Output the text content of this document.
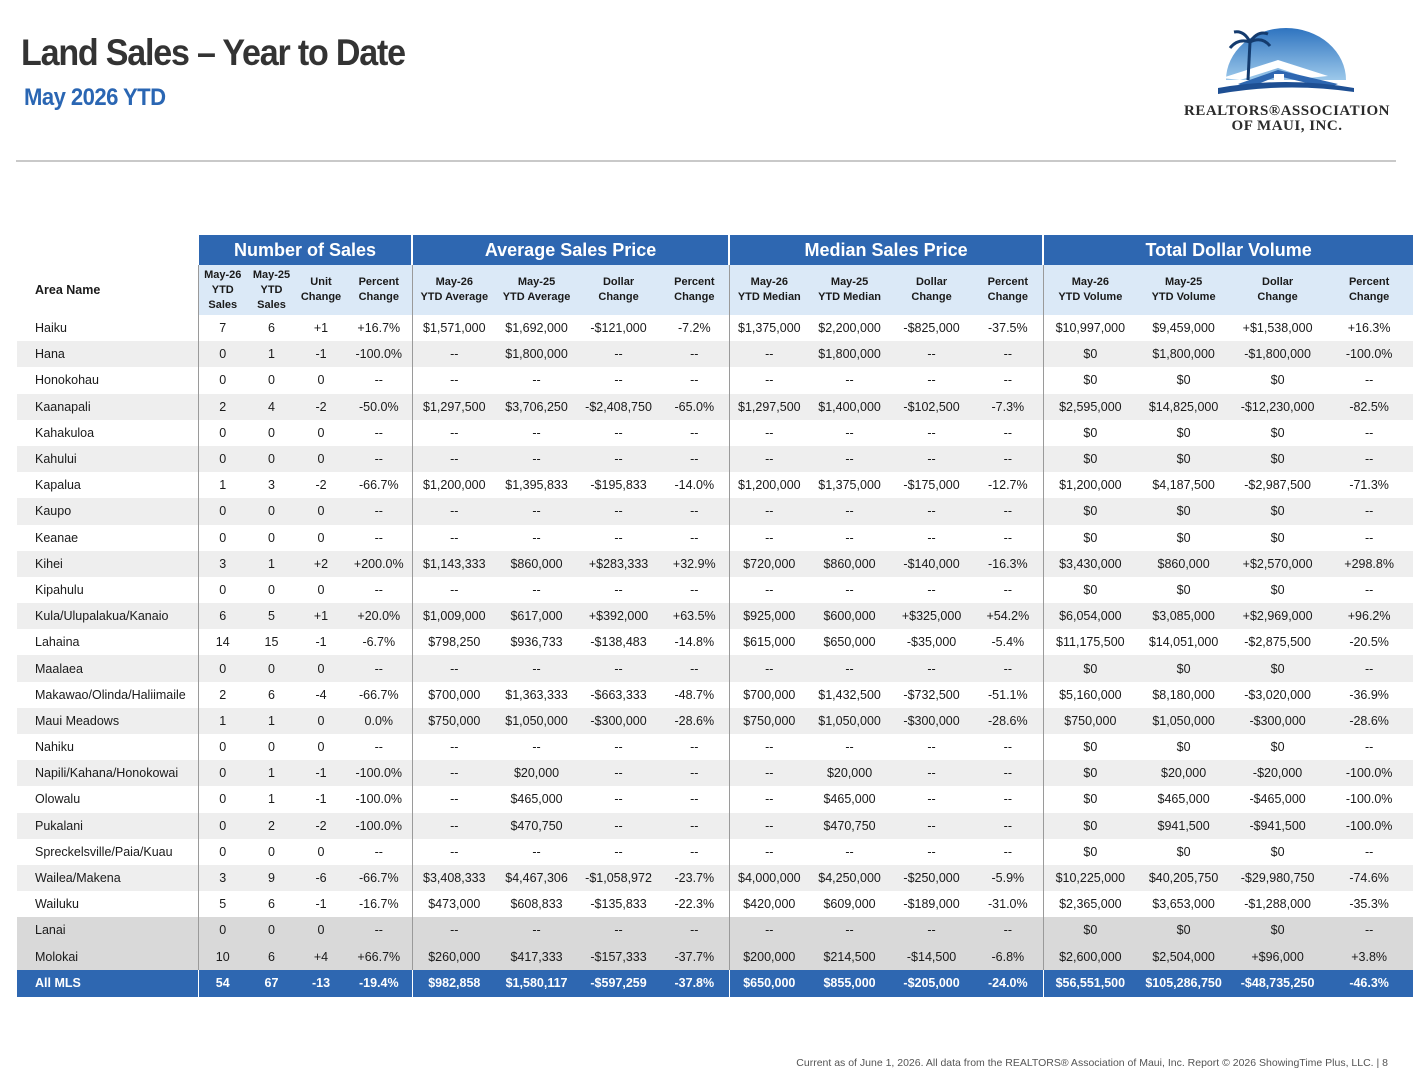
Land Sales – Year to Date
May 2026 YTD	REALTORS®ASSOCIATION
OF MAUI, INC.
	Number of Sales				Average Sales Price				Median Sales Price				Total Dollar Volume			
Area Name	May-26
YTD
Sales	May-25
YTD
Sales	Unit
Change	Percent
Change	May-26
YTD Average	May-25
YTD Average	Dollar
Change	Percent
Change	May-26
YTD Median	May-25
YTD Median	Dollar
Change	Percent
Change	May-26
YTD Volume	May-25
YTD Volume	Dollar
Change	Percent
Change
Haiku	7	6	+1	+16.7%	$1,571,000	$1,692,000	-$121,000	-7.2%	$1,375,000	$2,200,000	-$825,000	-37.5%	$10,997,000	$9,459,000	+$1,538,000	+16.3%
Hana	0	1	-1	-100.0%	--	$1,800,000	--	--	--	$1,800,000	--	--	$0	$1,800,000	-$1,800,000	-100.0%
Honokohau	0	0	0	--	--	--	--	--	--	--	--	--	$0	$0	$0	--
Kaanapali	2	4	-2	-50.0%	$1,297,500	$3,706,250	-$2,408,750	-65.0%	$1,297,500	$1,400,000	-$102,500	-7.3%	$2,595,000	$14,825,000	-$12,230,000	-82.5%
Kahakuloa	0	0	0	--	--	--	--	--	--	--	--	--	$0	$0	$0	--
Kahului	0	0	0	--	--	--	--	--	--	--	--	--	$0	$0	$0	--
Kapalua	1	3	-2	-66.7%	$1,200,000	$1,395,833	-$195,833	-14.0%	$1,200,000	$1,375,000	-$175,000	-12.7%	$1,200,000	$4,187,500	-$2,987,500	-71.3%
Kaupo	0	0	0	--	--	--	--	--	--	--	--	--	$0	$0	$0	--
Keanae	0	0	0	--	--	--	--	--	--	--	--	--	$0	$0	$0	--
Kihei	3	1	+2	+200.0%	$1,143,333	$860,000	+$283,333	+32.9%	$720,000	$860,000	-$140,000	-16.3%	$3,430,000	$860,000	+$2,570,000	+298.8%
Kipahulu	0	0	0	--	--	--	--	--	--	--	--	--	$0	$0	$0	--
Kula/Ulupalakua/Kanaio	6	5	+1	+20.0%	$1,009,000	$617,000	+$392,000	+63.5%	$925,000	$600,000	+$325,000	+54.2%	$6,054,000	$3,085,000	+$2,969,000	+96.2%
Lahaina	14	15	-1	-6.7%	$798,250	$936,733	-$138,483	-14.8%	$615,000	$650,000	-$35,000	-5.4%	$11,175,500	$14,051,000	-$2,875,500	-20.5%
Maalaea	0	0	0	--	--	--	--	--	--	--	--	--	$0	$0	$0	--
Makawao/Olinda/Haliimaile	2	6	-4	-66.7%	$700,000	$1,363,333	-$663,333	-48.7%	$700,000	$1,432,500	-$732,500	-51.1%	$5,160,000	$8,180,000	-$3,020,000	-36.9%
Maui Meadows	1	1	0	0.0%	$750,000	$1,050,000	-$300,000	-28.6%	$750,000	$1,050,000	-$300,000	-28.6%	$750,000	$1,050,000	-$300,000	-28.6%
Nahiku	0	0	0	--	--	--	--	--	--	--	--	--	$0	$0	$0	--
Napili/Kahana/Honokowai	0	1	-1	-100.0%	--	$20,000	--	--	--	$20,000	--	--	$0	$20,000	-$20,000	-100.0%
Olowalu	0	1	-1	-100.0%	--	$465,000	--	--	--	$465,000	--	--	$0	$465,000	-$465,000	-100.0%
Pukalani	0	2	-2	-100.0%	--	$470,750	--	--	--	$470,750	--	--	$0	$941,500	-$941,500	-100.0%
Spreckelsville/Paia/Kuau	0	0	0	--	--	--	--	--	--	--	--	--	$0	$0	$0	--
Wailea/Makena	3	9	-6	-66.7%	$3,408,333	$4,467,306	-$1,058,972	-23.7%	$4,000,000	$4,250,000	-$250,000	-5.9%	$10,225,000	$40,205,750	-$29,980,750	-74.6%
Wailuku	5	6	-1	-16.7%	$473,000	$608,833	-$135,833	-22.3%	$420,000	$609,000	-$189,000	-31.0%	$2,365,000	$3,653,000	-$1,288,000	-35.3%
Lanai	0	0	0	--	--	--	--	--	--	--	--	--	$0	$0	$0	--
Molokai	10	6	+4	+66.7%	$260,000	$417,333	-$157,333	-37.7%	$200,000	$214,500	-$14,500	-6.8%	$2,600,000	$2,504,000	+$96,000	+3.8%
All MLS	54	67	-13	-19.4%	$982,858	$1,580,117	-$597,259	-37.8%	$650,000	$855,000	-$205,000	-24.0%	$56,551,500	$105,286,750	-$48,735,250	-46.3%
Current as of June 1, 2026. All data from the REALTORS® Association of Maui, Inc. Report © 2026 ShowingTime Plus, LLC. | 8
